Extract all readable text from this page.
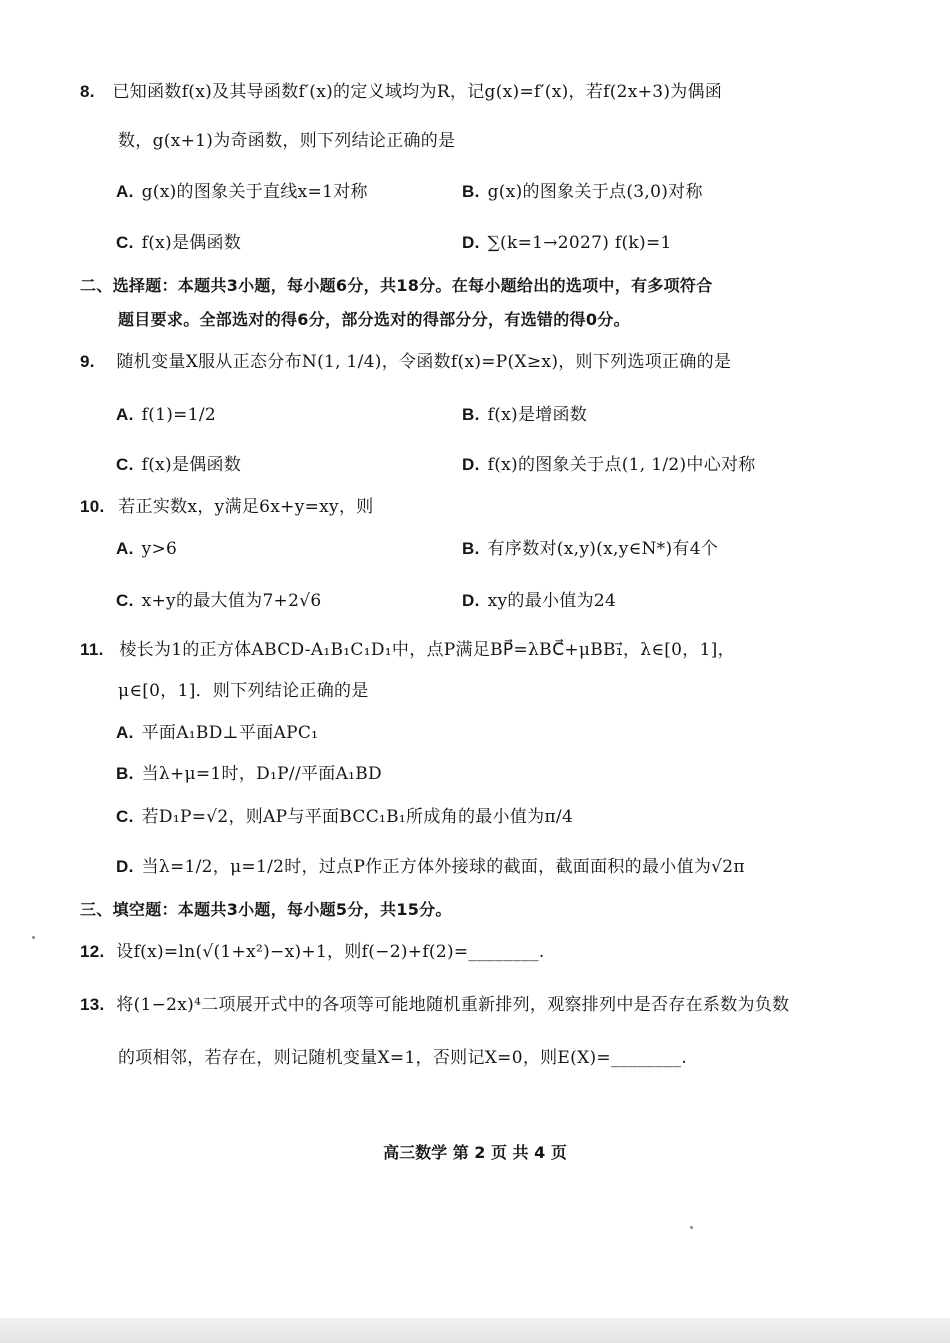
8. 已知函数f(x)及其导函数f′(x)的定义域均为R，记g(x)=f′(x)，若f(2x+3)为偶函
数，g(x+1)为奇函数，则下列结论正确的是
A. g(x)的图象关于直线x=1对称	B. g(x)的图象关于点(3,0)对称
C. f(x)是偶函数	D. ∑(k=1→2027) f(k)=1
二、选择题：本题共3小题，每小题6分，共18分。在每小题给出的选项中，有多项符合
题目要求。全部选对的得6分，部分选对的得部分分，有选错的得0分。
9. 随机变量X服从正态分布N(1, 1/4)，令函数f(x)=P(X≥x)，则下列选项正确的是
A. f(1)=1/2	B. f(x)是增函数
C. f(x)是偶函数	D. f(x)的图象关于点(1, 1/2)中心对称
10. 若正实数x，y满足6x+y=xy，则
A. y>6	B. 有序数对(x,y)(x,y∈N*)有4个
C. x+y的最大值为7+2√6	D. xy的最小值为24
11. 棱长为1的正方体ABCD-A₁B₁C₁D₁中，点P满足BP⃗=λBC⃗+μBB₁⃗，λ∈[0，1]，
μ∈[0，1]．则下列结论正确的是
A. 平面A₁BD⊥平面APC₁
B. 当λ+μ=1时，D₁P//平面A₁BD
C. 若D₁P=√2，则AP与平面BCC₁B₁所成角的最小值为π/4
D. 当λ=1/2，μ=1/2时，过点P作正方体外接球的截面，截面面积的最小值为√2π
三、填空题：本题共3小题，每小题5分，共15分。
12. 设f(x)=ln(√(1+x²)−x)+1，则f(−2)+f(2)=________.
13. 将(1−2x)⁴二项展开式中的各项等可能地随机重新排列，观察排列中是否存在系数为负数
的项相邻，若存在，则记随机变量X=1，否则记X=0，则E(X)=________.
高三数学 第 2 页 共 4 页
